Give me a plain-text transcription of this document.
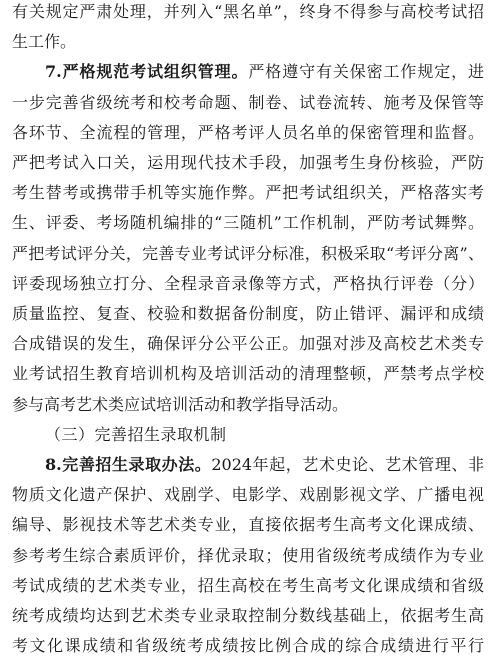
有关规定严肃处理，并列入“黑名单”，终身不得参与高校考试招
生工作。
7.严格规范考试组织管理。严格遵守有关保密工作规定，进
一步完善省级统考和校考命题、制卷、试卷流转、施考及保管等
各环节、全流程的管理，严格考评人员名单的保密管理和监督。
严把考试入口关，运用现代技术手段，加强考生身份核验，严防
考生替考或携带手机等实施作弊。严把考试组织关，严格落实考
生、评委、考场随机编排的“三随机”工作机制，严防考试舞弊。
严把考试评分关，完善专业考试评分标准，积极采取“考评分离”、
评委现场独立打分、全程录音录像等方式，严格执行评卷（分）
质量监控、复查、校验和数据备份制度，防止错评、漏评和成绩
合成错误的发生，确保评分公平公正。加强对涉及高校艺术类专
业考试招生教育培训机构及培训活动的清理整顿，严禁考点学校
参与高考艺术类应试培训活动和教学指导活动。
（三）完善招生录取机制
8.完善招生录取办法。2024年起，艺术史论、艺术管理、非
物质文化遗产保护、戏剧学、电影学、戏剧影视文学、广播电视
编导、影视技术等艺术类专业，直接依据考生高考文化课成绩、
参考考生综合素质评价，择优录取；使用省级统考成绩作为专业
考试成绩的艺术类专业，招生高校在考生高考文化课成绩和省级
统考成绩均达到艺术类专业录取控制分数线基础上，依据考生高
考文化课成绩和省级统考成绩按比例合成的综合成绩进行平行
